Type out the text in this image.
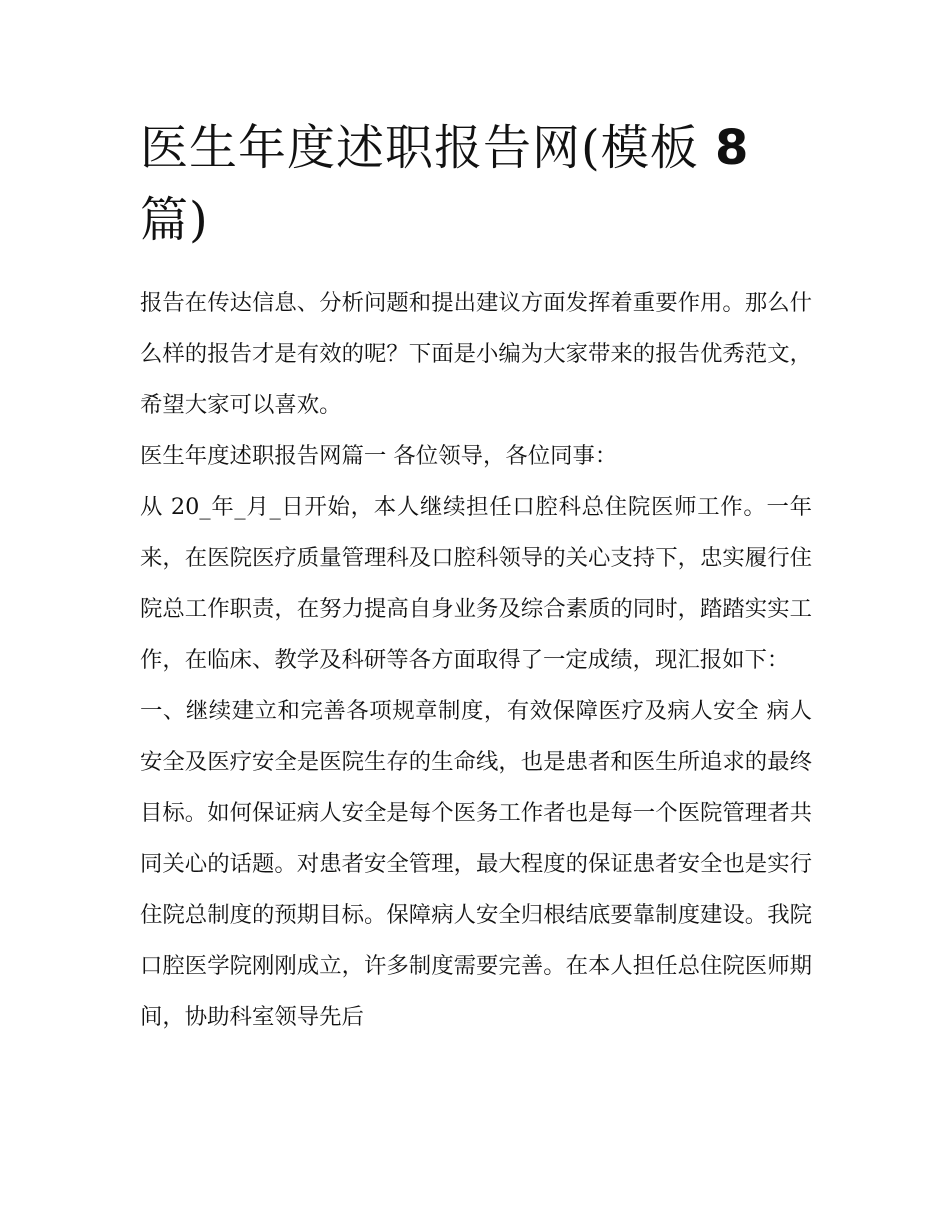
医生年度述职报告网(模板 8
篇)

报告在传达信息、分析问题和提出建议方面发挥着重要作用。那么什么样的报告才是有效的呢？下面是小编为大家带来的报告优秀范文，希望大家可以喜欢。

医生年度述职报告网篇一 各位领导，各位同事：

从 20_年_月_日开始，本人继续担任口腔科总住院医师工作。一年来，在医院医疗质量管理科及口腔科领导的关心支持下，忠实履行住院总工作职责，在努力提高自身业务及综合素质的同时，踏踏实实工作，在临床、教学及科研等各方面取得了一定成绩，现汇报如下：

一、继续建立和完善各项规章制度，有效保障医疗及病人安全 病人安全及医疗安全是医院生存的生命线，也是患者和医生所追求的最终目标。如何保证病人安全是每个医务工作者也是每一个医院管理者共同关心的话题。对患者安全管理，最大程度的保证患者安全也是实行住院总制度的预期目标。保障病人安全归根结底要靠制度建设。我院口腔医学院刚刚成立，许多制度需要完善。在本人担任总住院医师期间，协助科室领导先后
